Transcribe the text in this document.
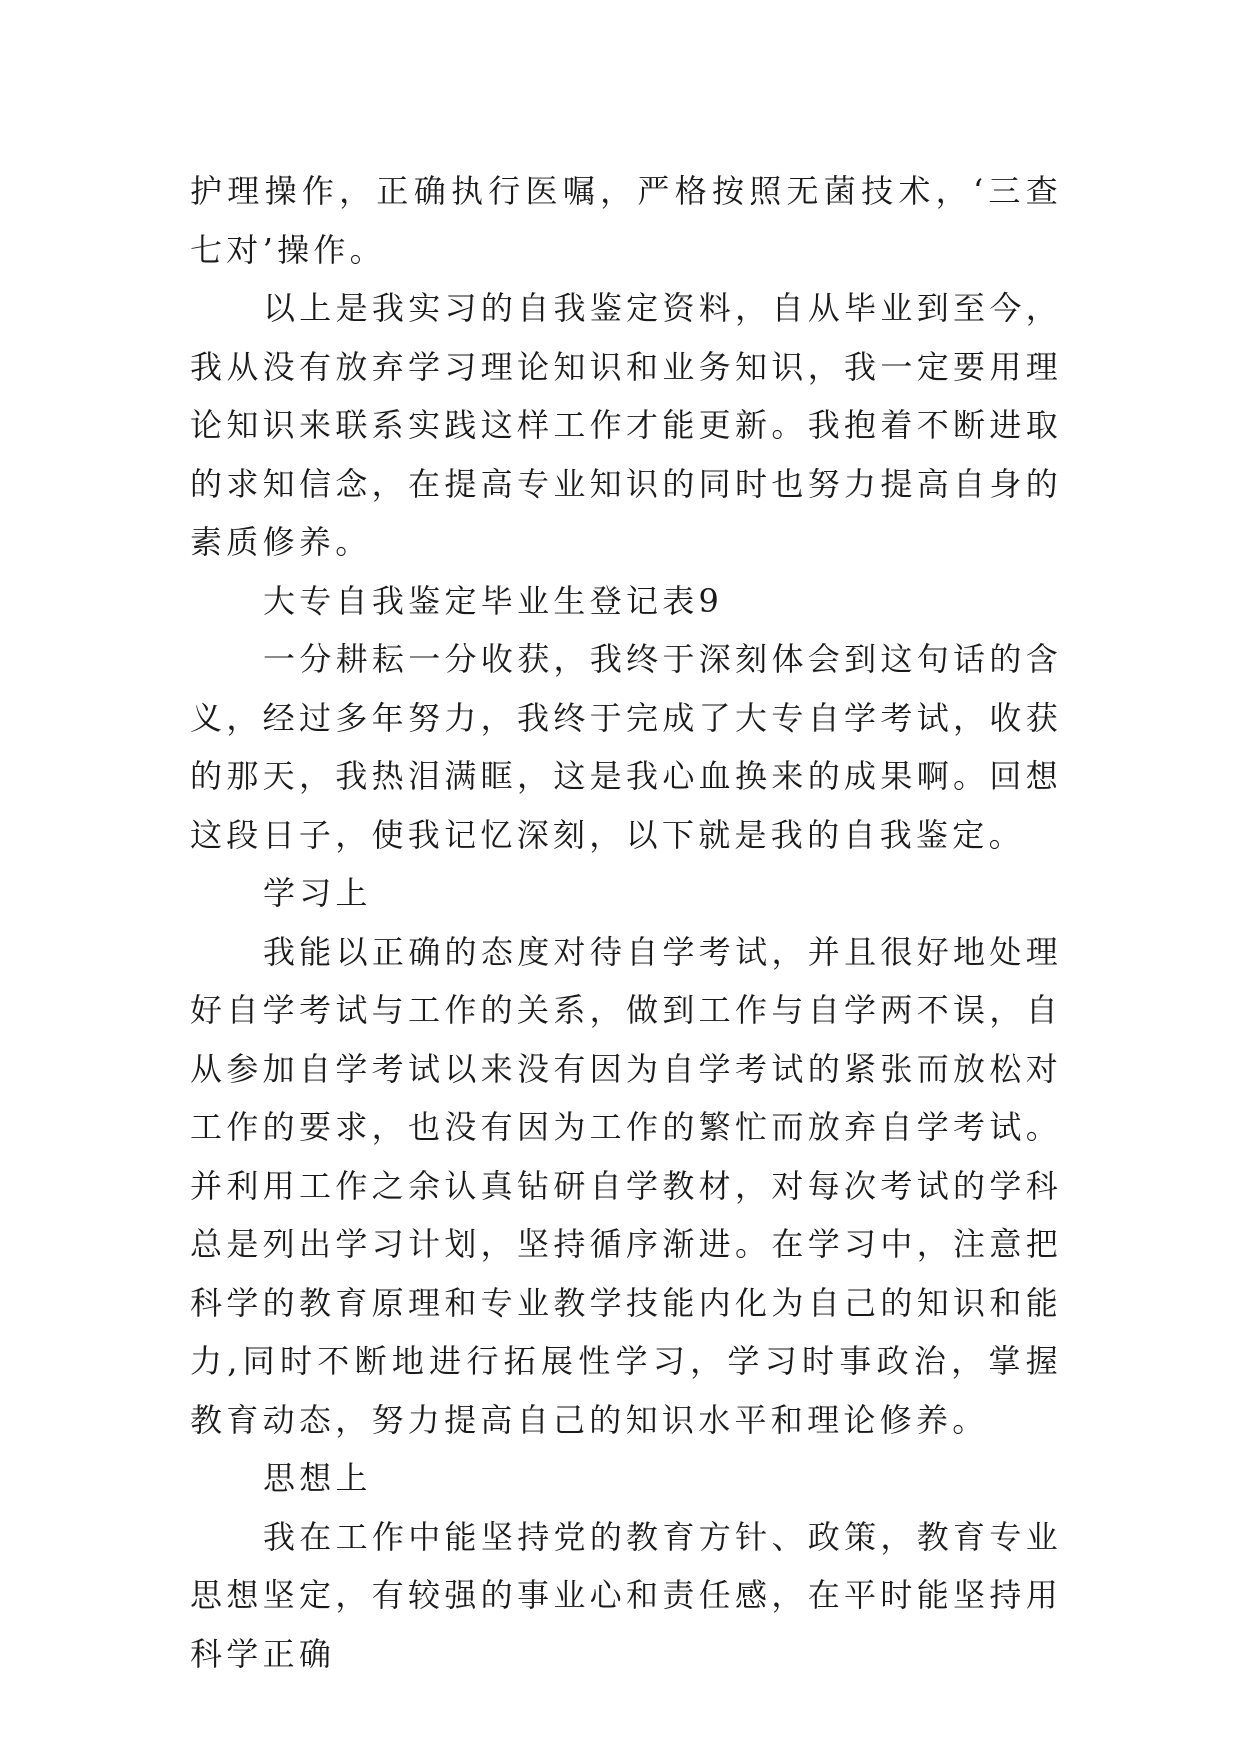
护理操作，正确执行医嘱，严格按照无菌技术，‘三查七对’操作。

以上是我实习的自我鉴定资料，自从毕业到至今，我从没有放弃学习理论知识和业务知识，我一定要用理论知识来联系实践这样工作才能更新。我抱着不断进取的求知信念，在提高专业知识的同时也努力提高自身的素质修养。

大专自我鉴定毕业生登记表9

一分耕耘一分收获，我终于深刻体会到这句话的含义，经过多年努力，我终于完成了大专自学考试，收获的那天，我热泪满眶，这是我心血换来的成果啊。回想这段日子，使我记忆深刻，以下就是我的自我鉴定。

学习上

我能以正确的态度对待自学考试，并且很好地处理好自学考试与工作的关系，做到工作与自学两不误，自从参加自学考试以来没有因为自学考试的紧张而放松对工作的要求，也没有因为工作的繁忙而放弃自学考试。并利用工作之余认真钻研自学教材，对每次考试的学科总是列出学习计划，坚持循序渐进。在学习中，注意把科学的教育原理和专业教学技能内化为自己的知识和能力,同时不断地进行拓展性学习，学习时事政治，掌握教育动态，努力提高自己的知识水平和理论修养。

思想上

我在工作中能坚持党的教育方针、政策，教育专业思想坚定，有较强的事业心和责任感，在平时能坚持用科学正确
